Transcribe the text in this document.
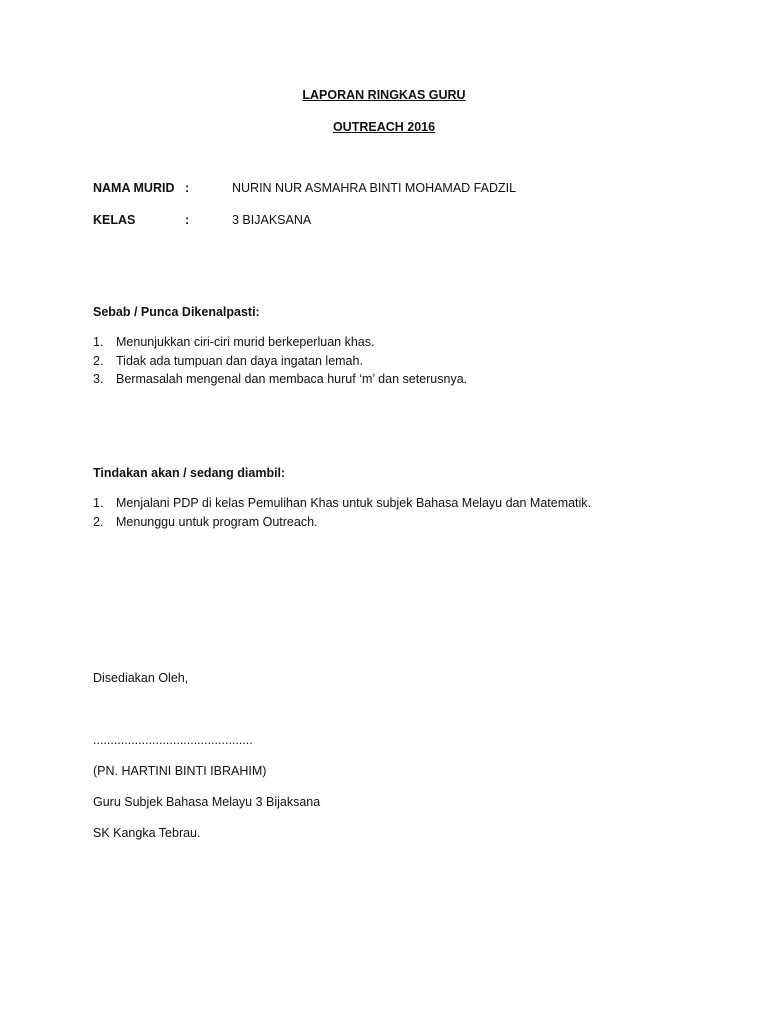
LAPORAN RINGKAS GURU
OUTREACH 2016
NAMA MURID :	NURIN NUR ASMAHRA BINTI MOHAMAD FADZIL
KELAS	:	3 BIJAKSANA
Sebab / Punca Dikenalpasti:
1. Menunjukkan ciri-ciri murid berkeperluan khas.
2. Tidak ada tumpuan dan daya ingatan lemah.
3. Bermasalah mengenal dan membaca huruf ‘m’ dan seterusnya.
Tindakan akan / sedang diambil:
1. Menjalani PDP di kelas Pemulihan Khas untuk subjek Bahasa Melayu dan Matematik.
2. Menunggu untuk program Outreach.
Disediakan Oleh,
..............................................
(PN. HARTINI BINTI IBRAHIM)
Guru Subjek Bahasa Melayu 3 Bijaksana
SK Kangka Tebrau.
